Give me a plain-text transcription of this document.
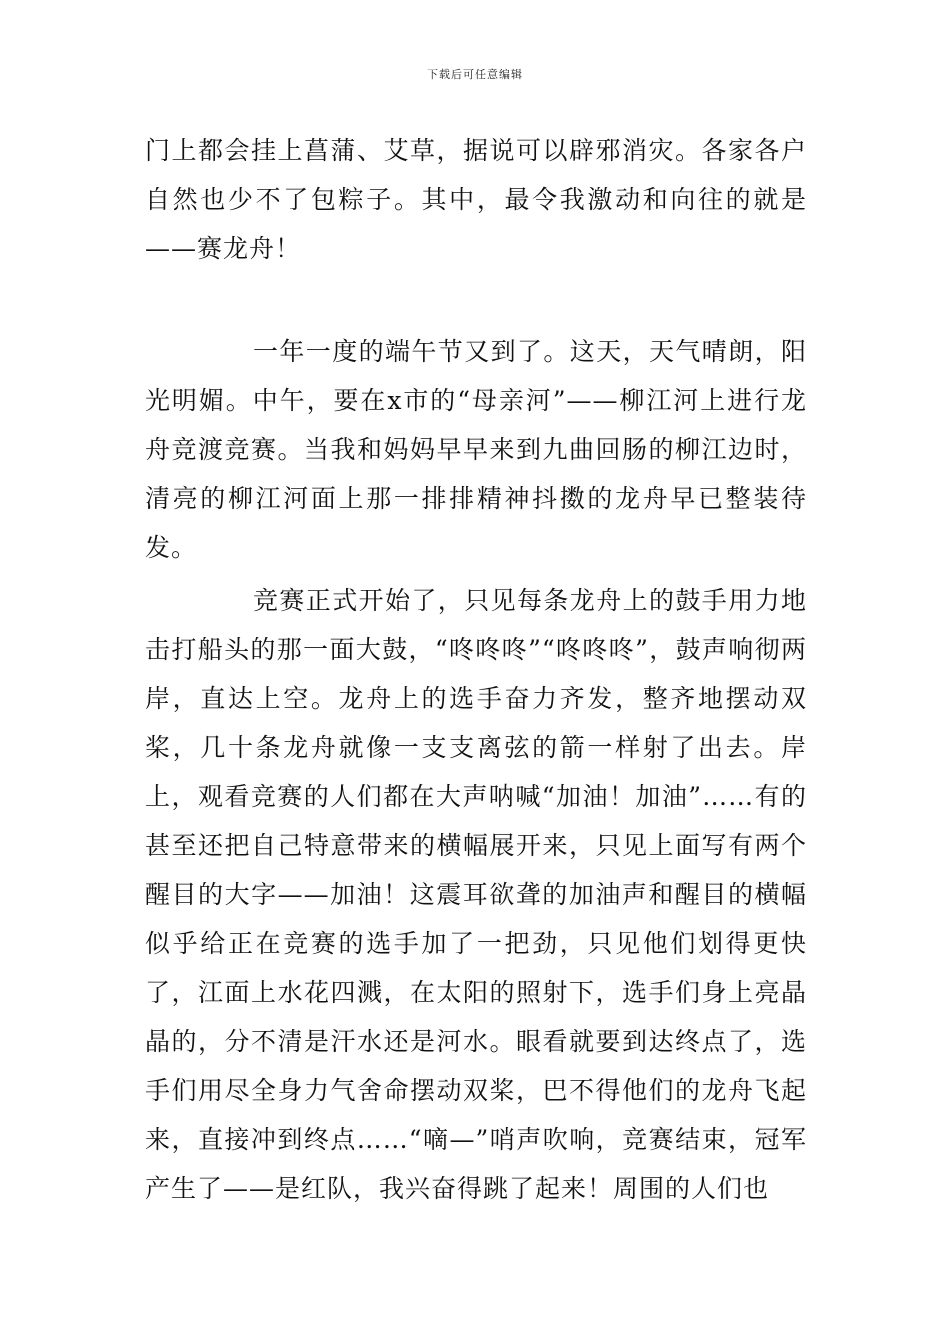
下载后可任意编辑

门上都会挂上菖蒲、艾草，据说可以辟邪消灾。各家各户自然也少不了包粽子。其中，最令我激动和向往的就是——赛龙舟！

一年一度的端午节又到了。这天，天气晴朗，阳光明媚。中午，要在x市的“母亲河”——柳江河上进行龙舟竞渡竞赛。当我和妈妈早早来到九曲回肠的柳江边时，清亮的柳江河面上那一排排精神抖擞的龙舟早已整装待发。

竞赛正式开始了，只见每条龙舟上的鼓手用力地击打船头的那一面大鼓，“咚咚咚”“咚咚咚”，鼓声响彻两岸，直达上空。龙舟上的选手奋力齐发，整齐地摆动双桨，几十条龙舟就像一支支离弦的箭一样射了出去。岸上，观看竞赛的人们都在大声呐喊“加油！加油”……有的甚至还把自己特意带来的横幅展开来，只见上面写有两个醒目的大字——加油！这震耳欲聋的加油声和醒目的横幅似乎给正在竞赛的选手加了一把劲，只见他们划得更快了，江面上水花四溅，在太阳的照射下，选手们身上亮晶晶的，分不清是汗水还是河水。眼看就要到达终点了，选手们用尽全身力气舍命摆动双桨，巴不得他们的龙舟飞起来，直接冲到终点……“嘀—”哨声吹响，竞赛结束，冠军产生了——是红队，我兴奋得跳了起来！周围的人们也
